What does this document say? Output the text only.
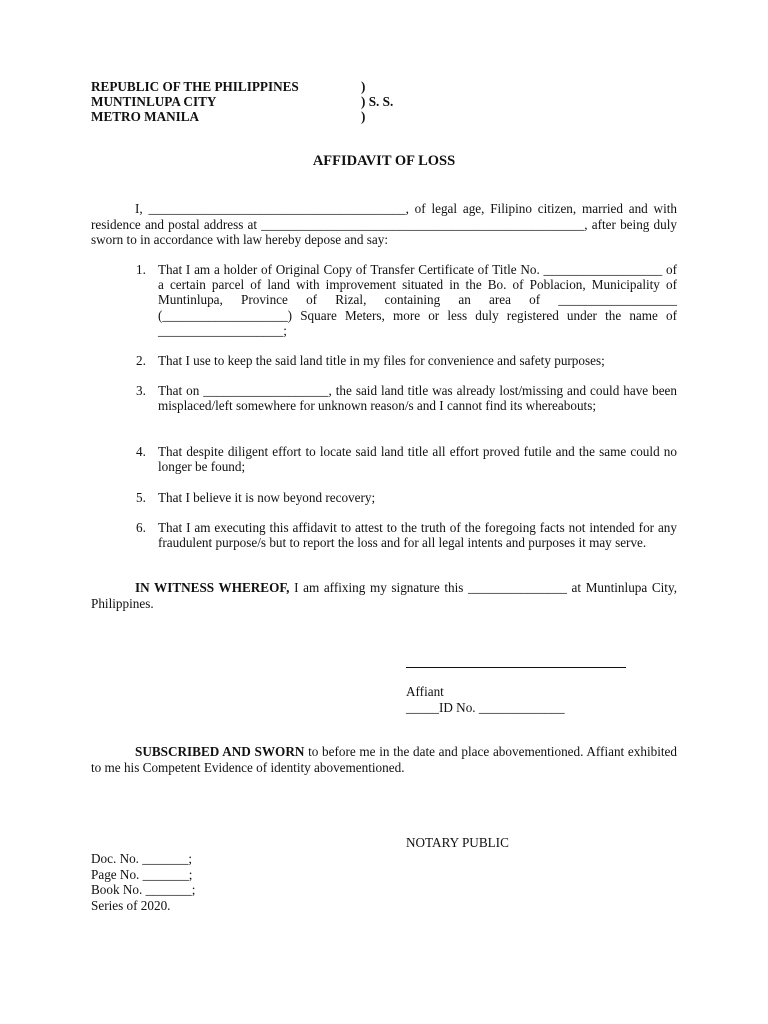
REPUBLIC OF THE PHILIPPINES	)
MUNTINLUPA CITY	) S. S.
METRO MANILA	)
AFFIDAVIT OF LOSS
I, _______________________________________, of legal age, Filipino citizen, married and with residence and postal address at _________________________________________________, after being duly sworn to in accordance with law hereby depose and say:
1. That I am a holder of Original Copy of Transfer Certificate of Title No. __________________ of a certain parcel of land with improvement situated in the Bo. of Poblacion, Municipality of Muntinlupa, Province of Rizal, containing an area of __________________ (___________________) Square Meters, more or less duly registered under the name of ___________________;
2. That I use to keep the said land title in my files for convenience and safety purposes;
3. That on ___________________, the said land title was already lost/missing and could have been misplaced/left somewhere for unknown reason/s and I cannot find its whereabouts;
4. That despite diligent effort to locate said land title all effort proved futile and the same could no longer be found;
5. That I believe it is now beyond recovery;
6. That I am executing this affidavit to attest to the truth of the foregoing facts not intended for any fraudulent purpose/s but to report the loss and for all legal intents and purposes it may serve.
IN WITNESS WHEREOF, I am affixing my signature this _______________ at Muntinlupa City, Philippines.
Affiant
_____ID No. _____________
SUBSCRIBED AND SWORN to before me in the date and place abovementioned. Affiant exhibited to me his Competent Evidence of identity abovementioned.
NOTARY PUBLIC
Doc. No. _______;
Page No. _______;
Book No. _______;
Series of 2020.
